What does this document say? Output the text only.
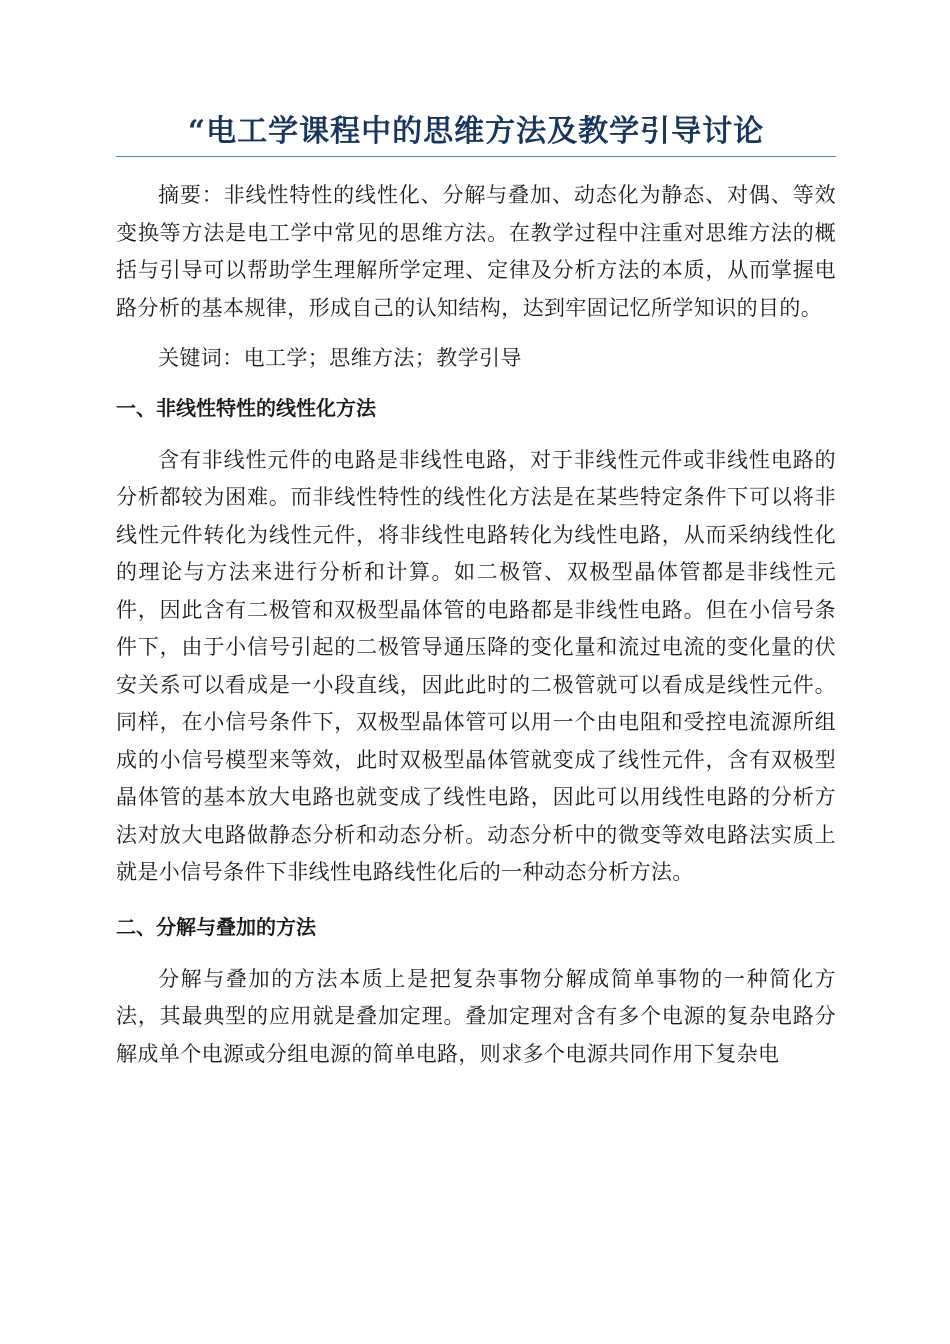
“电工学课程中的思维方法及教学引导讨论

摘要：非线性特性的线性化、分解与叠加、动态化为静态、对偶、等效变换等方法是电工学中常见的思维方法。在教学过程中注重对思维方法的概括与引导可以帮助学生理解所学定理、定律及分析方法的本质，从而掌握电路分析的基本规律，形成自己的认知结构，达到牢固记忆所学知识的目的。

关键词：电工学；思维方法；教学引导

一、非线性特性的线性化方法

含有非线性元件的电路是非线性电路，对于非线性元件或非线性电路的分析都较为困难。而非线性特性的线性化方法是在某些特定条件下可以将非线性元件转化为线性元件，将非线性电路转化为线性电路，从而采纳线性化的理论与方法来进行分析和计算。如二极管、双极型晶体管都是非线性元件，因此含有二极管和双极型晶体管的电路都是非线性电路。但在小信号条件下，由于小信号引起的二极管导通压降的变化量和流过电流的变化量的伏安关系可以看成是一小段直线，因此此时的二极管就可以看成是线性元件。同样，在小信号条件下，双极型晶体管可以用一个由电阻和受控电流源所组成的小信号模型来等效，此时双极型晶体管就变成了线性元件，含有双极型晶体管的基本放大电路也就变成了线性电路，因此可以用线性电路的分析方法对放大电路做静态分析和动态分析。动态分析中的微变等效电路法实质上就是小信号条件下非线性电路线性化后的一种动态分析方法。

二、分解与叠加的方法

分解与叠加的方法本质上是把复杂事物分解成简单事物的一种简化方法，其最典型的应用就是叠加定理。叠加定理对含有多个电源的复杂电路分解成单个电源或分组电源的简单电路，则求多个电源共同作用下复杂电
